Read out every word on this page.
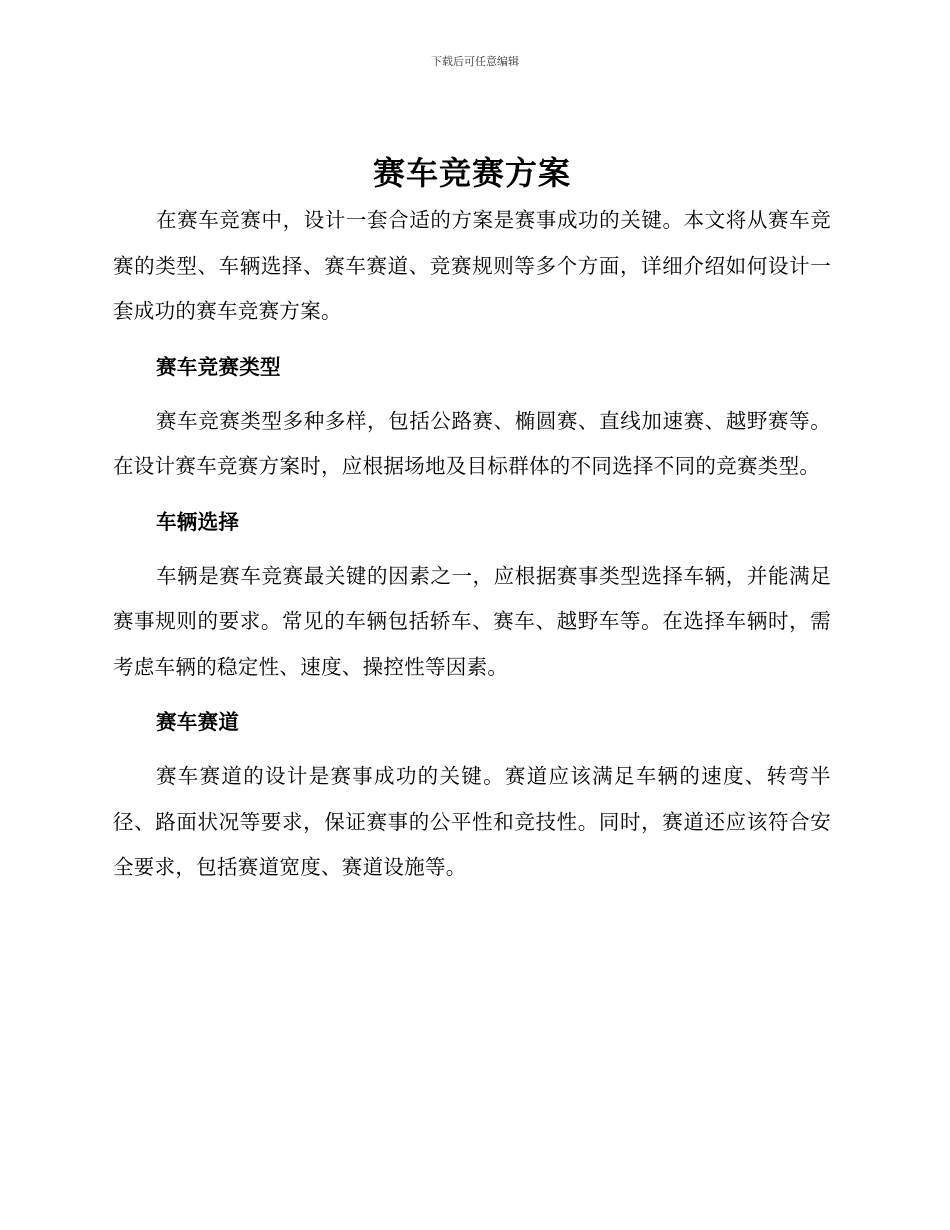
下载后可任意编辑
赛车竞赛方案

在赛车竞赛中，设计一套合适的方案是赛事成功的关键。本文将从赛车竞赛的类型、车辆选择、赛车赛道、竞赛规则等多个方面，详细介绍如何设计一套成功的赛车竞赛方案。

赛车竞赛类型

赛车竞赛类型多种多样，包括公路赛、椭圆赛、直线加速赛、越野赛等。在设计赛车竞赛方案时，应根据场地及目标群体的不同选择不同的竞赛类型。

车辆选择

车辆是赛车竞赛最关键的因素之一，应根据赛事类型选择车辆，并能满足赛事规则的要求。常见的车辆包括轿车、赛车、越野车等。在选择车辆时，需考虑车辆的稳定性、速度、操控性等因素。

赛车赛道

赛车赛道的设计是赛事成功的关键。赛道应该满足车辆的速度、转弯半径、路面状况等要求，保证赛事的公平性和竞技性。同时，赛道还应该符合安全要求，包括赛道宽度、赛道设施等。
